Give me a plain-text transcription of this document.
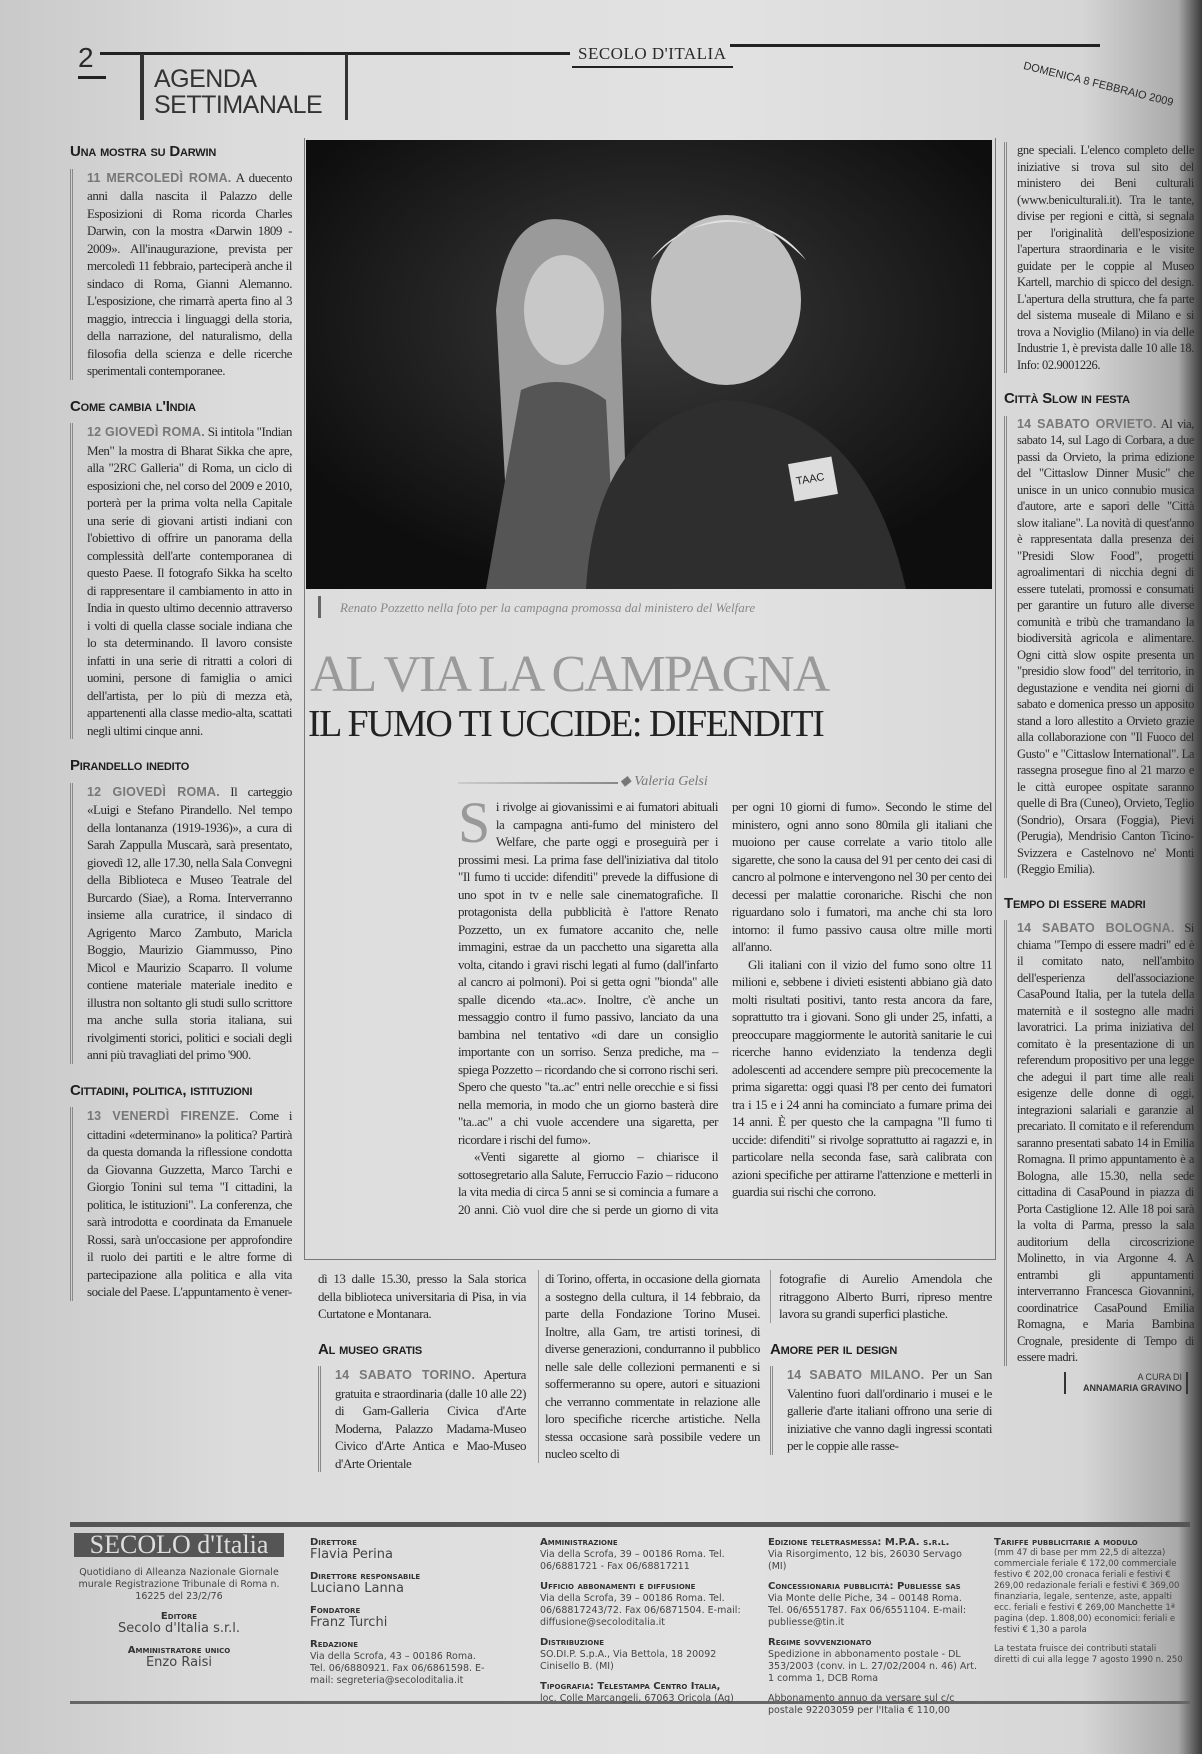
2
AGENDA
SETTIMANALE
SECOLO D'ITALIA
DOMENICA 8 FEBBRAIO 2009
Una mostra su Darwin
11 MERCOLEDÌ ROMA. A duecento anni dalla nascita il Palazzo delle Esposizioni di Roma ricorda Charles Darwin, con la mostra «Darwin 1809 - 2009». All'inaugurazione, prevista per mercoledì 11 febbraio, parteciperà anche il sindaco di Roma, Gianni Alemanno. L'esposizione, che rimarrà aperta fino al 3 maggio, intreccia i linguaggi della storia, della narrazione, del naturalismo, della filosofia della scienza e delle ricerche sperimentali contemporanee.
Come cambia l'India
12 GIOVEDÌ ROMA. Si intitola "Indian Men" la mostra di Bharat Sikka che apre, alla "2RC Galleria" di Roma, un ciclo di esposizioni che, nel corso del 2009 e 2010, porterà per la prima volta nella Capitale una serie di giovani artisti indiani con l'obiettivo di offrire un panorama della complessità dell'arte contemporanea di questo Paese. Il fotografo Sikka ha scelto di rappresentare il cambiamento in atto in India in questo ultimo decennio attraverso i volti di quella classe sociale indiana che lo sta determinando. Il lavoro consiste infatti in una serie di ritratti a colori di uomini, persone di famiglia o amici dell'artista, per lo più di mezza età, appartenenti alla classe medio-alta, scattati negli ultimi cinque anni.
Pirandello inedito
12 GIOVEDÌ ROMA. Il carteggio «Luigi e Stefano Pirandello. Nel tempo della lontananza (1919-1936)», a cura di Sarah Zappulla Muscarà, sarà presentato, giovedì 12, alle 17.30, nella Sala Convegni della Biblioteca e Museo Teatrale del Burcardo (Siae), a Roma. Interverranno insieme alla curatrice, il sindaco di Agrigento Marco Zambuto, Maricla Boggio, Maurizio Giammusso, Pino Micol e Maurizio Scaparro. Il volume contiene materiale materiale inedito e illustra non soltanto gli studi sullo scrittore ma anche sulla storia italiana, sui rivolgimenti storici, politici e sociali degli anni più travagliati del primo '900.
Cittadini, politica, istituzioni
13 VENERDÌ FIRENZE. Come i cittadini «determinano» la politica? Partirà da questa domanda la riflessione condotta da Giovanna Guzzetta, Marco Tarchi e Giorgio Tonini sul tema "I cittadini, la politica, le istituzioni". La conferenza, che sarà introdotta e coordinata da Emanuele Rossi, sarà un'occasione per approfondire il ruolo dei partiti e le altre forme di partecipazione alla politica e alla vita sociale del Paese. L'appuntamento è vener-
TAAC
Renato Pozzetto nella foto per la campagna promossa dal ministero del Welfare
AL VIA LA CAMPAGNA
IL FUMO TI UCCIDE: DIFENDITI
◆ Valeria Gelsi

Si rivolge ai giovanissimi e ai fumatori abituali la campagna anti-fumo del ministero del Welfare, che parte oggi e proseguirà per i prossimi mesi. La prima fase dell'iniziativa dal titolo "Il fumo ti uccide: difenditi" prevede la diffusione di uno spot in tv e nelle sale cinematografiche. Il protagonista della pubblicità è l'attore Renato Pozzetto, un ex fumatore accanito che, nelle immagini, estrae da un pacchetto una sigaretta alla volta, citando i gravi rischi legati al fumo (dall'infarto al cancro ai polmoni). Poi si getta ogni "bionda" alle spalle dicendo «ta..ac». Inoltre, c'è anche un messaggio contro il fumo passivo, lanciato da una bambina nel tentativo «di dare un consiglio importante con un sorriso. Senza prediche, ma – spiega Pozzetto – ricordando che si corrono rischi seri. Spero che questo "ta..ac" entri nelle orecchie e si fissi nella memoria, in modo che un giorno basterà dire "ta..ac" a chi vuole accendere una sigaretta, per ricordare i rischi del fumo».

«Venti sigarette al giorno – chiarisce il sottosegretario alla Salute, Ferruccio Fazio – riducono la vita media di circa 5 anni se si comincia a fumare a 20 anni. Ciò vuol dire che si perde un giorno di vita per ogni 10 giorni di fumo». Secondo le stime del ministero, ogni anno sono 80mila gli italiani che muoiono per cause correlate a vario titolo alle sigarette, che sono la causa del 91 per cento dei casi di cancro al polmone e intervengono nel 30 per cento dei decessi per malattie coronariche. Rischi che non riguardano solo i fumatori, ma anche chi sta loro intorno: il fumo passivo causa oltre mille morti all'anno.

Gli italiani con il vizio del fumo sono oltre 11 milioni e, sebbene i divieti esistenti abbiano già dato molti risultati positivi, tanto resta ancora da fare, soprattutto tra i giovani. Sono gli under 25, infatti, a preoccupare maggiormente le autorità sanitarie le cui ricerche hanno evidenziato la tendenza degli adolescenti ad accendere sempre più precocemente la prima sigaretta: oggi quasi l'8 per cento dei fumatori tra i 15 e i 24 anni ha cominciato a fumare prima dei 14 anni. È per questo che la campagna "Il fumo ti uccide: difenditi" si rivolge soprattutto ai ragazzi e, in particolare nella seconda fase, sarà calibrata con azioni specifiche per attirarne l'attenzione e metterli in guardia sui rischi che corrono.

dì 13 dalle 15.30, presso la Sala storica della biblioteca universitaria di Pisa, in via Curtatone e Montanara.
Al museo gratis
14 SABATO TORINO. Apertura gratuita e straordinaria (dalle 10 alle 22) di Gam-Galleria Civica d'Arte Moderna, Palazzo Madama-Museo Civico d'Arte Antica e Mao-Museo d'Arte Orientale
di Torino, offerta, in occasione della giornata a sostegno della cultura, il 14 febbraio, da parte della Fondazione Torino Musei. Inoltre, alla Gam, tre artisti torinesi, di diverse generazioni, condurranno il pubblico nelle sale delle collezioni permanenti e si soffermeranno su opere, autori e situazioni che verranno commentate in relazione alle loro specifiche ricerche artistiche. Nella stessa occasione sarà possibile vedere un nucleo scelto di
fotografie di Aurelio Amendola che ritraggono Alberto Burri, ripreso mentre lavora su grandi superfici plastiche.
Amore per il design
14 SABATO MILANO. Per un San Valentino fuori dall'ordinario i musei e le gallerie d'arte italiani offrono una serie di iniziative che vanno dagli ingressi scontati per le coppie alle rasse-
gne speciali. L'elenco completo delle iniziative si trova sul sito del ministero dei Beni culturali (www.beniculturali.it). Tra le tante, divise per regioni e città, si segnala per l'originalità dell'esposizione l'apertura straordinaria e le visite guidate per le coppie al Museo Kartell, marchio di spicco del design. L'apertura della struttura, che fa parte del sistema museale di Milano e si trova a Noviglio (Milano) in via delle Industrie 1, è prevista dalle 10 alle 18. Info: 02.9001226.
Città Slow in festa
14 SABATO ORVIETO. Al via, sabato 14, sul Lago di Corbara, a due passi da Orvieto, la prima edizione del "Cittaslow Dinner Music" che unisce in un unico connubio musica d'autore, arte e sapori delle "Città slow italiane". La novità di quest'anno è rappresentata dalla presenza dei "Presidi Slow Food", progetti agroalimentari di nicchia degni di essere tutelati, promossi e consumati per garantire un futuro alle diverse comunità e tribù che tramandano la biodiversità agricola e alimentare. Ogni città slow ospite presenta un "presidio slow food" del territorio, in degustazione e vendita nei giorni di sabato e domenica presso un apposito stand a loro allestito a Orvieto grazie alla collaborazione con "Il Fuoco del Gusto" e "Cittaslow International". La rassegna prosegue fino al 21 marzo e le città europee ospitate saranno quelle di Bra (Cuneo), Orvieto, Teglio (Sondrio), Orsara (Foggia), Pievi (Perugia), Mendrisio Canton Ticino-Svizzera e Castelnovo ne' Monti (Reggio Emilia).
Tempo di essere madri
14 SABATO BOLOGNA. Si chiama "Tempo di essere madri" ed è il comitato nato, nell'ambito dell'esperienza dell'associazione CasaPound Italia, per la tutela della maternità e il sostegno alle madri lavoratrici. La prima iniziativa del comitato è la presentazione di un referendum propositivo per una legge che adegui il part time alle reali esigenze delle donne di oggi, integrazioni salariali e garanzie al precariato. Il comitato e il referendum saranno presentati sabato 14 in Emilia Romagna. Il primo appuntamento è a Bologna, alle 15.30, nella sede cittadina di CasaPound in piazza di Porta Castiglione 12. Alle 18 poi sarà la volta di Parma, presso la sala auditorium della circoscrizione Molinetto, in via Argonne 4. A entrambi gli appuntamenti interverranno Francesca Giovannini, coordinatrice CasaPound Emilia Romagna, e Maria Bambina Crognale, presidente di Tempo di essere madri.
A CURA DI
ANNAMARIA GRAVINO
SECOLO d'Italia
Quotidiano di Alleanza Nazionale Giornale murale Registrazione Tribunale di Roma n. 16225 del 23/2/76
Editore
Secolo d'Italia s.r.l.
Amministratore unico
Enzo Raisi
Direttore
Flavia Perina
Direttore responsabile
Luciano Lanna
Fondatore
Franz Turchi
Redazione
Via della Scrofa, 43 – 00186 Roma. Tel. 06/6880921. Fax 06/6861598. E-mail: segreteria@secoloditalia.it
Amministrazione
Via della Scrofa, 39 – 00186 Roma. Tel. 06/6881721 - Fax 06/68817211
Ufficio abbonamenti e diffusione
Via della Scrofa, 39 – 00186 Roma. Tel. 06/68817243/72. Fax 06/6871504. E-mail: diffusione@secoloditalia.it
Distribuzione
SO.DI.P. S.p.A., Via Bettola, 18 20092 Cinisello B. (MI)
Tipografia: Telestampa Centro Italia,
loc. Colle Marcangeli, 67063 Oricola (Aq)
Edizione teletrasmessa: M.P.A. s.r.l.
Via Risorgimento, 12 bis, 26030 Servago (MI)
Concessionaria pubblicità: Publiesse sas
Via Monte delle Piche, 34 – 00148 Roma. Tel. 06/6551787. Fax 06/6551104. E-mail: publiesse@tin.it
Regime sovvenzionato
Spedizione in abbonamento postale - DL 353/2003 (conv. in L. 27/02/2004 n. 46) Art. 1 comma 1, DCB Roma
Abbonamento annuo da versare sul c/c postale 92203059 per l'Italia € 110,00
Tariffe pubblicitarie a modulo
(mm 47 di base per mm 22,5 di altezza) commerciale feriale € 172,00 commerciale festivo € 202,00 cronaca feriali e festivi € 269,00 redazionale feriali e festivi € 369,00 finanziaria, legale, sentenze, aste, appalti ecc. feriali e festivi € 269,00 Manchette 1ª pagina (dep. 1.808,00) economici: feriali e festivi € 1,30 a parola
La testata fruisce dei contributi statali diretti di cui alla legge 7 agosto 1990 n. 250
